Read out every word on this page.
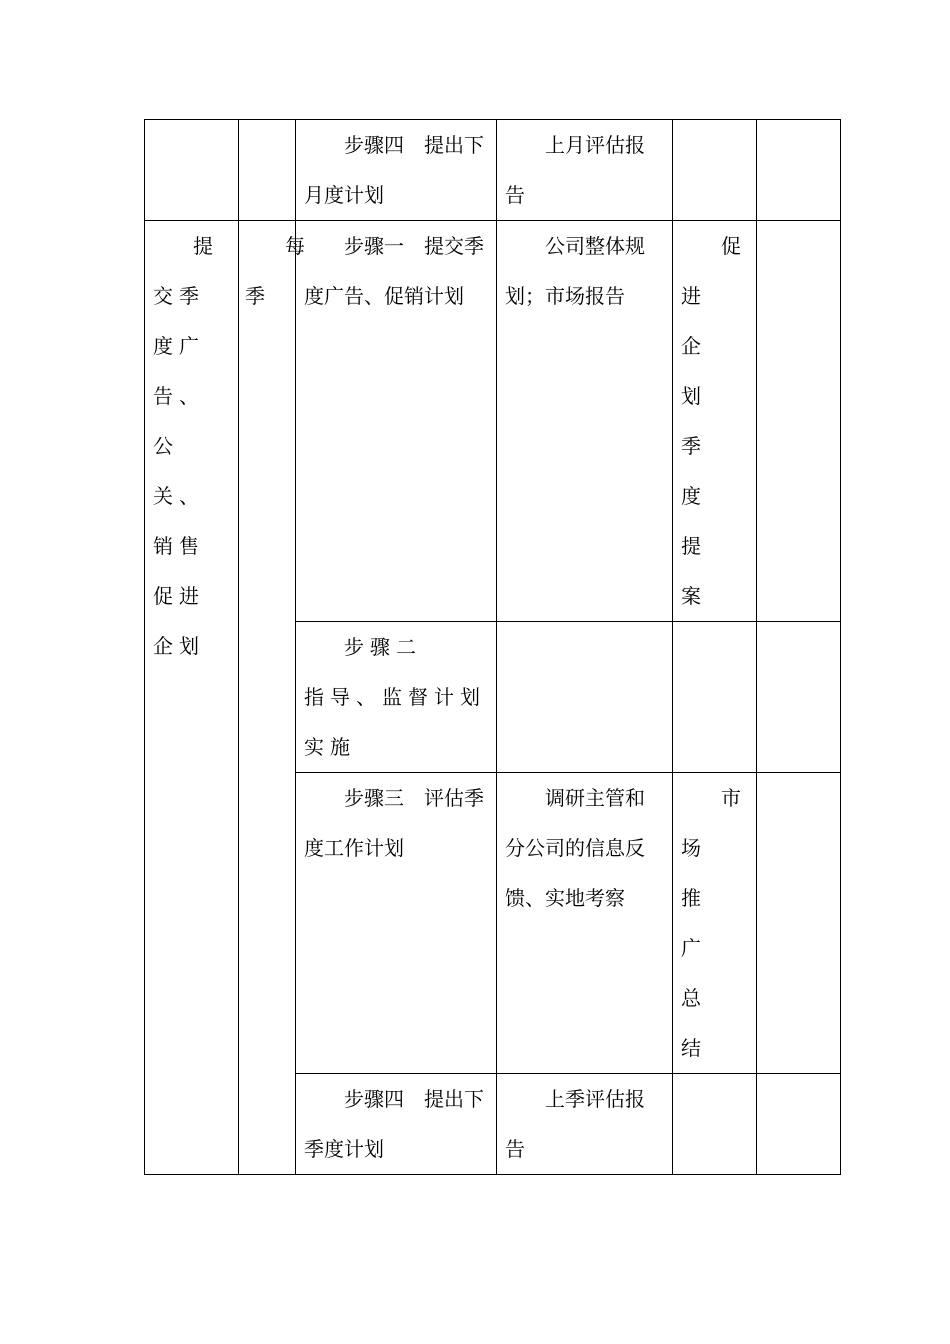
		步骤四　提出下月度计划	上月评估报告		
提交季度广告、公关、销售促进企划	每季	步骤一　提交季度广告、促销计划	公司整体规划；市场报告	促进企划季度提案	
		步骤二　　指导、监督计划实施			
		步骤三　评估季度工作计划	调研主管和分公司的信息反馈、实地考察	市场推广总结	
		步骤四　提出下季度计划	上季评估报告		
